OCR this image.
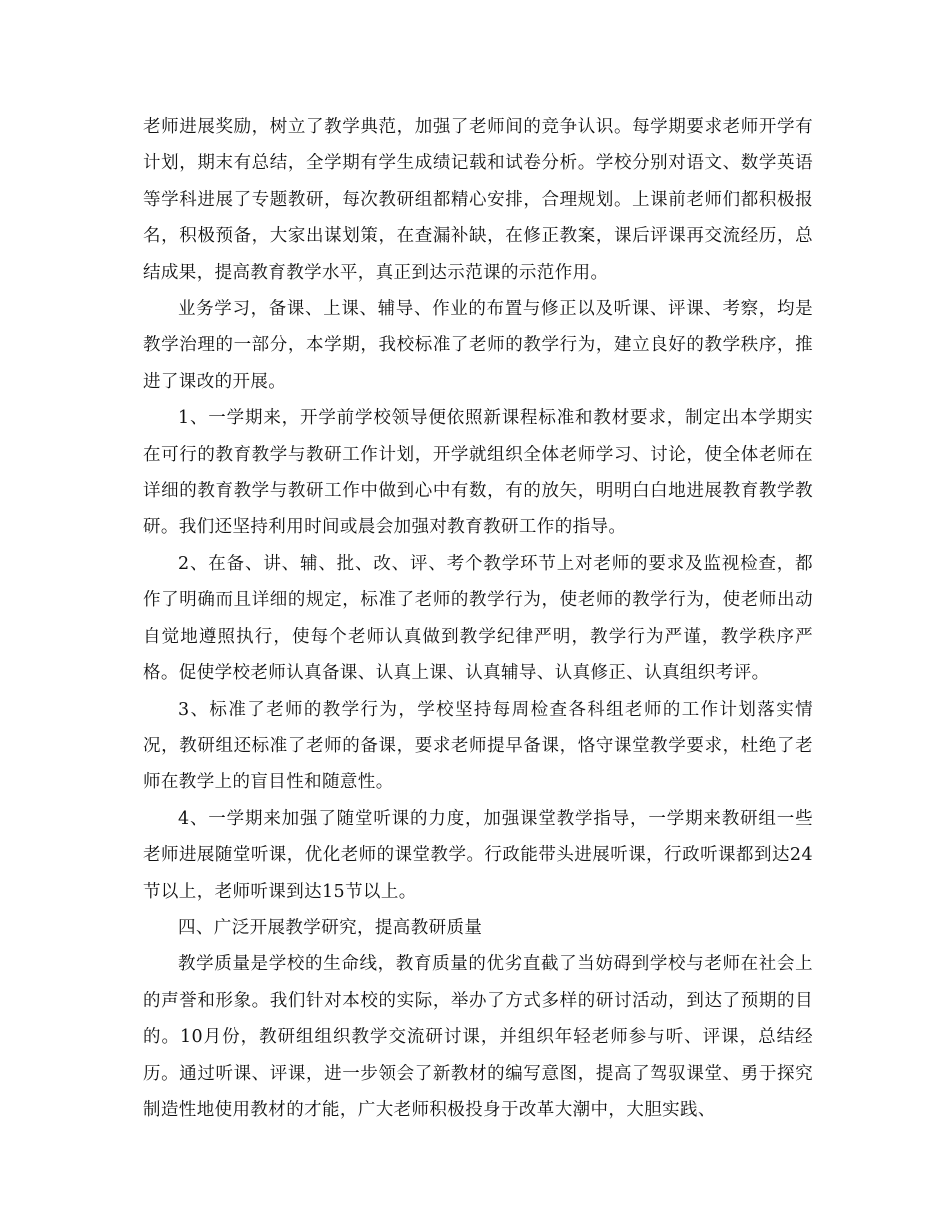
老师进展奖励，树立了教学典范，加强了老师间的竞争认识。每学期要求老师开学有计划，期末有总结，全学期有学生成绩记载和试卷分析。学校分别对语文、数学英语等学科进展了专题教研，每次教研组都精心安排，合理规划。上课前老师们都积极报名，积极预备，大家出谋划策，在查漏补缺，在修正教案，课后评课再交流经历，总结成果，提高教育教学水平，真正到达示范课的示范作用。

业务学习，备课、上课、辅导、作业的布置与修正以及听课、评课、考察，均是教学治理的一部分，本学期，我校标准了老师的教学行为，建立良好的教学秩序，推进了课改的开展。

1、一学期来，开学前学校领导便依照新课程标准和教材要求，制定出本学期实在可行的教育教学与教研工作计划，开学就组织全体老师学习、讨论，使全体老师在详细的教育教学与教研工作中做到心中有数，有的放矢，明明白白地进展教育教学教研。我们还坚持利用时间或晨会加强对教育教研工作的指导。

2、在备、讲、辅、批、改、评、考个教学环节上对老师的要求及监视检查，都作了明确而且详细的规定，标准了老师的教学行为，使老师的教学行为，使老师出动自觉地遵照执行，使每个老师认真做到教学纪律严明，教学行为严谨，教学秩序严格。促使学校老师认真备课、认真上课、认真辅导、认真修正、认真组织考评。

3、标准了老师的教学行为，学校坚持每周检查各科组老师的工作计划落实情况，教研组还标准了老师的备课，要求老师提早备课，恪守课堂教学要求，杜绝了老师在教学上的盲目性和随意性。

4、一学期来加强了随堂听课的力度，加强课堂教学指导，一学期来教研组一些老师进展随堂听课，优化老师的课堂教学。行政能带头进展听课，行政听课都到达24节以上，老师听课到达15节以上。

四、广泛开展教学研究，提高教研质量

教学质量是学校的生命线，教育质量的优劣直截了当妨碍到学校与老师在社会上的声誉和形象。我们针对本校的实际，举办了方式多样的研讨活动，到达了预期的目的。10月份，教研组组织教学交流研讨课，并组织年轻老师参与听、评课，总结经历。通过听课、评课，进一步领会了新教材的编写意图，提高了驾驭课堂、勇于探究制造性地使用教材的才能，广大老师积极投身于改革大潮中，大胆实践、
